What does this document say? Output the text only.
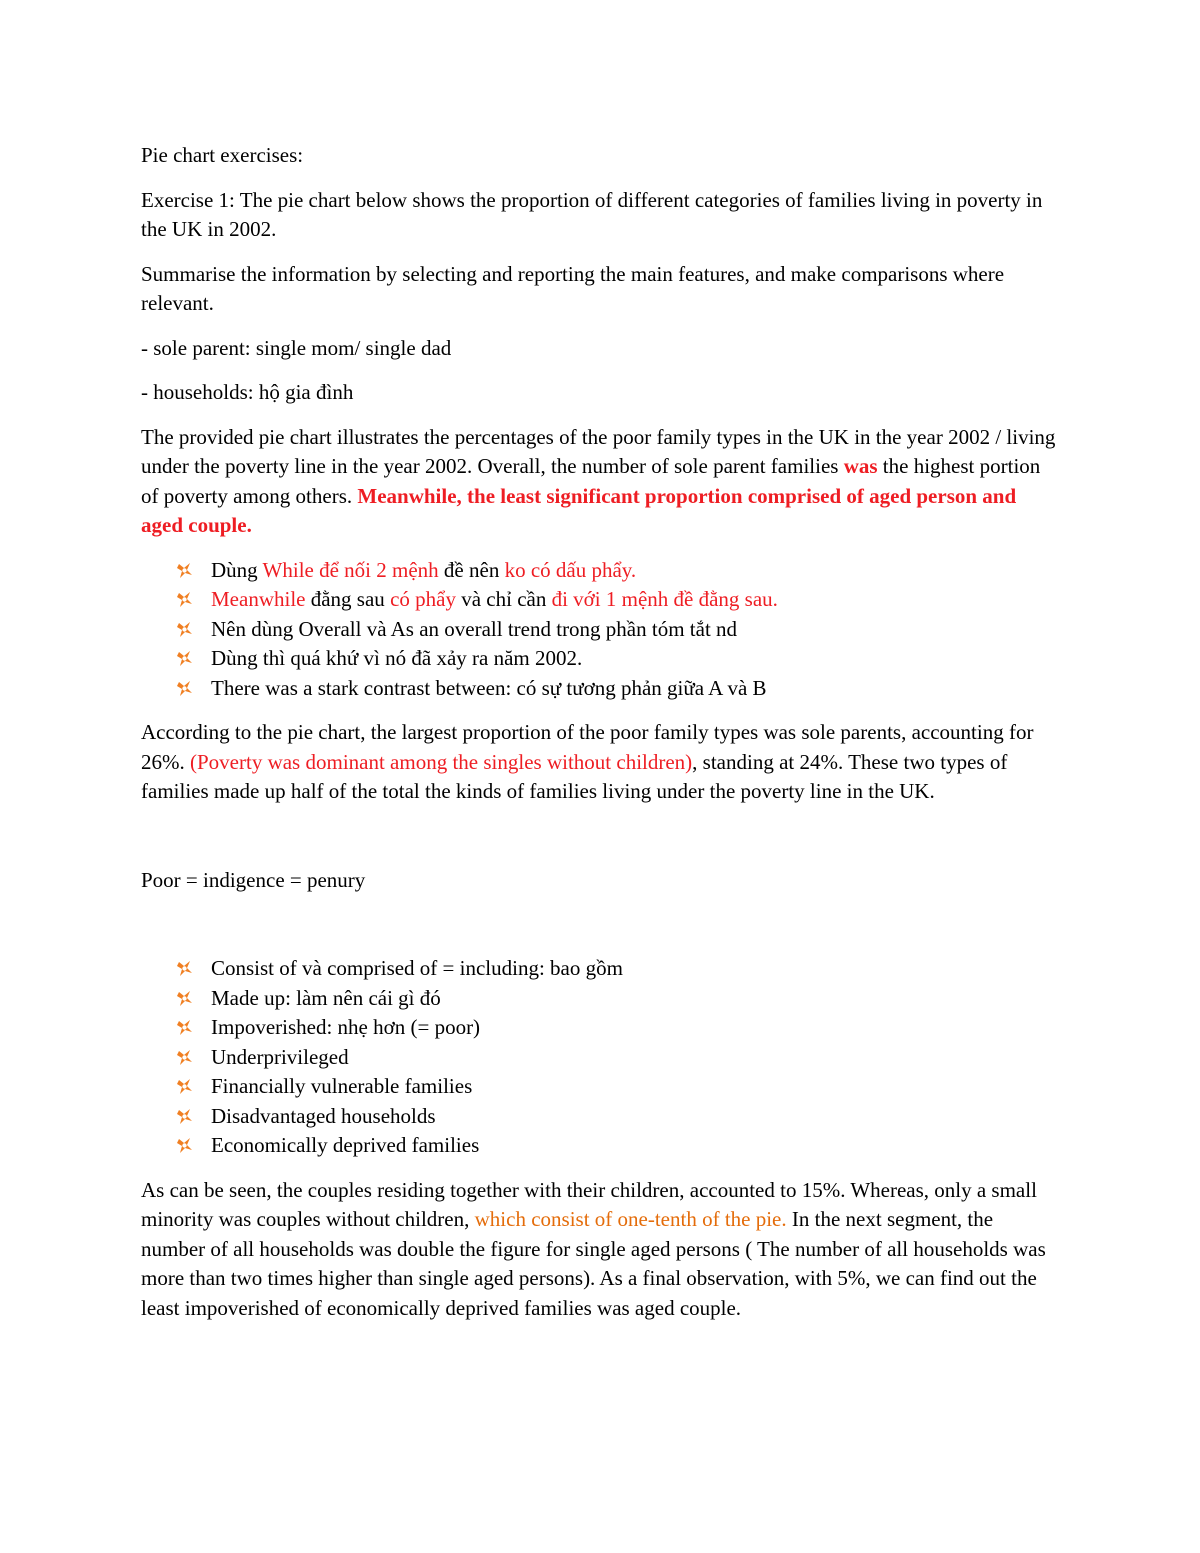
Pie chart exercises:

Exercise 1: The pie chart below shows the proportion of different categories of families living in poverty in the UK in 2002.

Summarise the information by selecting and reporting the main features, and make comparisons where relevant.

- sole parent: single mom/ single dad

- households: hộ gia đình

The provided pie chart illustrates the percentages of the poor family types in the UK in the year 2002 / living under the poverty line in the year 2002. Overall, the number of sole parent families was the highest portion of poverty among others. Meanwhile, the least significant proportion comprised of aged person and aged couple.

Dùng While để nối 2 mệnh đề nên ko có dấu phẩy.
Meanwhile đằng sau có phẩy và chỉ cần đi với 1 mệnh đề đằng sau.
Nên dùng Overall và As an overall trend trong phần tóm tắt nd
Dùng thì quá khứ vì nó đã xảy ra năm 2002.
There was a stark contrast between: có sự tương phản giữa A và B

According to the pie chart, the largest proportion of the poor family types was sole parents, accounting for 26%. (Poverty was dominant among the singles without children), standing at 24%. These two types of families made up half of the total the kinds of families living under the poverty line in the UK.

Poor = indigence = penury

Consist of và comprised of = including: bao gồm
Made up: làm nên cái gì đó
Impoverished: nhẹ hơn (= poor)
Underprivileged
Financially vulnerable families
Disadvantaged households
Economically deprived families

As can be seen, the couples residing together with their children, accounted to 15%. Whereas, only a small minority was couples without children, which consist of one-tenth of the pie. In the next segment, the number of all households was double the figure for single aged persons ( The number of all households was more than two times higher than single aged persons). As a final observation, with 5%, we can find out the least impoverished of economically deprived families was aged couple.
